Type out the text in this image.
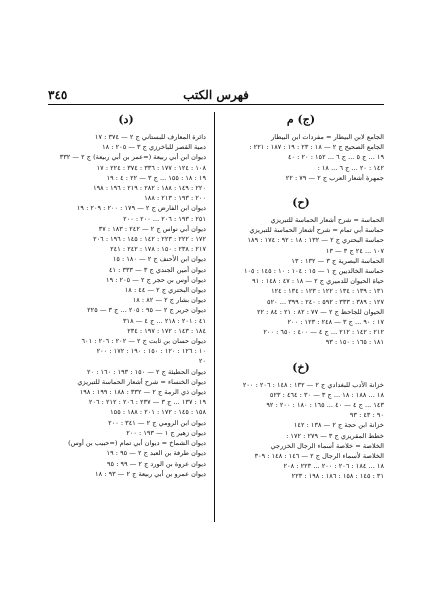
فهرس الكتب
٣٤٥
(ج) م
الجامع لابن البيطار = مفردات ابن البيطار
الجامع الصحيح ج ٢ — ١٨ : ٢٣ : ١٩ : ١٨٧ : ٢٢١ :
١٩ ... ج ٥ ... ج ٦ ... ١٥٢ : ٢٠ : ٤٠
١٤٢ : ٢٠ ... ج ٦ ... ١٨ :
جمهرة أشعار العرب ج ٢ — ٧٩ : ٢٢
(ح)
الحماسة = شرح أشعار الحماسة للتبريزي
حماسة أبي تمام = شرح أشعار الحماسة للتبريزي
حماسة البحتري ج ٢ — ١٣٢ : ١٨ : ٩٢ : ١٧٤ : ١٨٩
١٠٧ ... ٢٤ ج ٣ — ١٣
الحماسة البصرية ج ٣ — ١٣٢ : ١٣
حماسة الخالديين ج ١ — ١٥ : ١٠٤ : ١٠ : ١٤٥ : ١٠٥
حياة الحيوان للدميري ج ٢ — ١٨ : ٤٧ : ١٤٨ : ٩١
١٣١ : ١٣٩ : ١٣٤ : ١٢٢ : ١٢٣ : ١٣٤ : ١٢٤
١٢٧ : ٣٨٩ : ٣٣٣ : ٥٩٢ : ٢٤٠ : ٣٩٩ ... ٥٢٠
الحيوان للجاحظ ج ٢ — ٧٧ : ٨٢ : ٢١ : ٨٤ : ٢٢
١٧ : ٩٠ ... ج ٣ — ٢٤٨ : ١٢٣ : ٢٠٠
٢١٢ : ١٤٢ : ٢١٢ ... ج ٤ — ٤٠٠ : ٦٥٠ : ٢٠٠
١٨١ : ١٦٥ : ١٥٠ : ٩٣
(خ)
خزانة الأدب للبغدادي ج ٢ — ١٣٢ : ١٤٨ : ٢٠٦ : ٢٠٠
١٨ ... ١٨٨ : ١٨ ... ج ٣ — ٣٠ : ٤٦٤ : ٥٢٣
١٤٣ ... ج ٤ — ٤٠ ... ١٦٥ : ١٨٠ : ٢٠٠ : ٩٢
٩٠ : ٤٣ : ٩٣
خزانة ابن حجة ج ٢ — ١٣٨ : ١٤٢
خطط المقريزي ج ٣ — ٢٧٩ : ١٧٢ :
الخلاصة = خلاصة أسماء الرجال الخزرجي
الخلاصة لأسماء الرجال ج ٢ — ١٤٦ : ١٤٨ : ٣٠٩
١٨ ... ١٨٤ : ٢٠٦ : ٢٠٠ ... ٢٢٣ : ٢٠٨
٣١ : ١٤٥ : ١٥٨ : ١٨٦ : ١٩٨ : ٢٢٣
(د)
دائرة المعارف للبستاني ج ٢ — ٣٧٤ : ١٧
دمية القصر للباخرزي ج ٣ — ٢٠٥ : ١٨
ديوان ابن أبي ربيعة (=عمر بن أبي ربيعة) ج ٢ — ٣٣٢
١٠٨ : ١٢٤ : ١٧٧ : ٣٣٦ : ٣٧٤ : ٢٢٤ : ١٧
١٩ : ١٨ : ١٥٥ ... ج ٣ — ٢٢ : ٤ : ١٩
٢٢٠ : ١٤٩ : ١٨٨ : ٢٨٢ : ٢١٩ : ١٩٦ : ١٩٨
٢٠٠ : ١٩٣ : ٢١٣ : ١٨٨
ديوان ابن الفارض ج ٢ — ١٧٩ : ٢٠٠ : ٢٠٩ : ١٩
٢٥١ : ١٩٣ : ٢٠٦ ... ٢٠٠ : ٢٠٠
ديوان أبي نواس ج ٢ — ٢٤٢ : ١٨٣ : ٣٧
١٧٢ : ٢٢٢ : ٢٢٣ : ١٤٢ : ١٤٥ : ١٩٦ : ٢٠٦
٢١٧ : ٢٣٨ : ١٥٠ : ١٧٨ : ٢٤٢ : ٢٤١
ديوان ابن الأحنف ج ٢ — ١٨٠ : ١٥
ديوان أمين الجندي ج ٣ — ٣٣٣ : ٤١
ديوان أوس بن حجر ج ٢ — ٢٠٥ : ١٩
ديوان البحتري ج ٢ — ٤٤ : ١٨
ديوان بشار ج ٢ — ٨٢ : ١٨
ديوان جرير ج ٢ — ٩٥ : ٢٠٥ ... ج ٣ — ٢٢٥
٤١ : ٢٠١ : ٢١٨ ... ج ٤ — ٣١٨
١٨٤ : ١٤٣ : ١٧٢ : ١٩٧ : ٢٣٤
ديوان حسان بن ثابت ج ٢ — ٢٠٢ : ٢٠٦ : ٦٠١
١٠ : ١٢٦ : ١٢٠ : ١٥٠ : ١٩٠ : ١٧٢ : ٢٠٠
٢٠
ديوان الحطيئة ج ٢ — ١٥٠ : ١٩٣ : ١٦٠ : ٢٠
ديوان الخنساء = شرح أشعار الحماسة للتبريزي
ديوان ذي الرمة ج ٢ — ٣٣٢ : ١٨٨ : ١٩٩ : ١٩٨
١٩ : ١٣٧ ... ج ٣ — ٢٣٧ : ٢٠٦ : ٢١٢ : ٢٠٦
١٥٨ : ١٤٥ : ١٧٢ : ٢٠١ : ١٨٨ : ١٥٥
ديوان ابن الرومي ج ٢ — ٣٤١ : ٢٠٠
ديوان زهير ج ١ — ١٩٣ : ٢٠٠
ديوان الشماخ = ديوان أبي تمام (=حبيب بن أوس)
ديوان طرفة بن العبد ج ٢ — ٩٥ : ١٩
ديوان عروة بن الورد ج ٢ — ٩٩ : ٩٥
ديوان عمرو بن أبي ربيعة ج ٢ — ٩٣ : ١٨
